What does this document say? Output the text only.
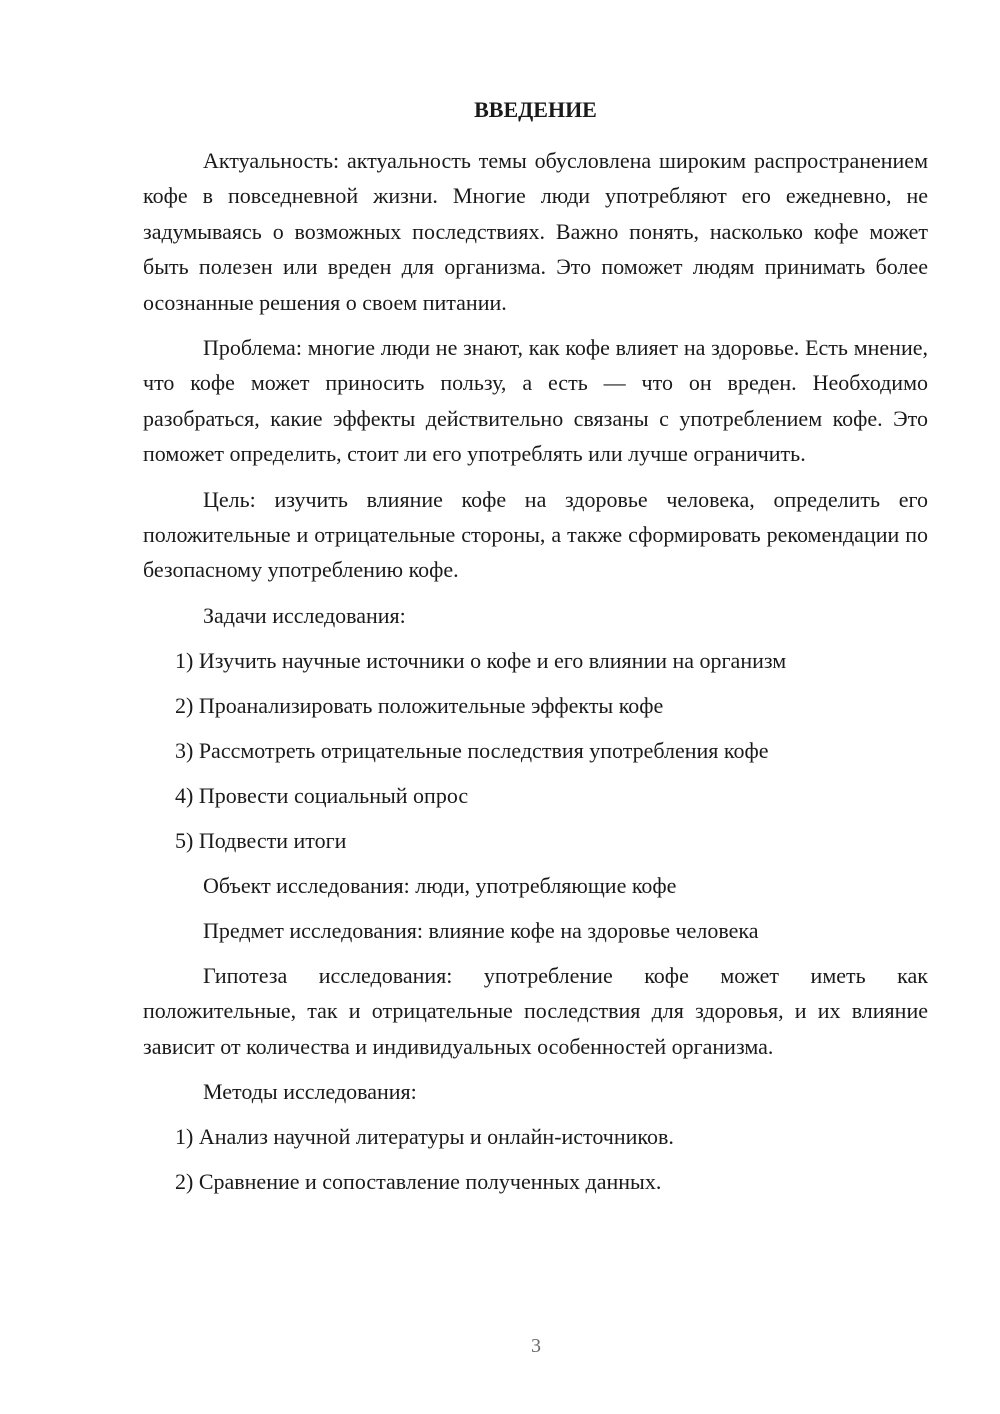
ВВЕДЕНИЕ

Актуальность: актуальность темы обусловлена широким распространением кофе в повседневной жизни. Многие люди употребляют его ежедневно, не задумываясь о возможных последствиях. Важно понять, насколько кофе может быть полезен или вреден для организма. Это поможет людям принимать более осознанные решения о своем питании.

Проблема: многие люди не знают, как кофе влияет на здоровье. Есть мнение, что кофе может приносить пользу, а есть — что он вреден. Необходимо разобраться, какие эффекты действительно связаны с употреблением кофе. Это поможет определить, стоит ли его употреблять или лучше ограничить.

Цель: изучить влияние кофе на здоровье человека, определить его положительные и отрицательные стороны, а также сформировать рекомендации по безопасному употреблению кофе.

Задачи исследования:
1) Изучить научные источники о кофе и его влиянии на организм
2) Проанализировать положительные эффекты кофе
3) Рассмотреть отрицательные последствия употребления кофе
4) Провести социальный опрос
5) Подвести итоги
Объект исследования: люди, употребляющие кофе
Предмет исследования: влияние кофе на здоровье человека

Гипотеза исследования: употребление кофе может иметь как положительные, так и отрицательные последствия для здоровья, и их влияние зависит от количества и индивидуальных особенностей организма.

Методы исследования:
1) Анализ научной литературы и онлайн-источников.
2) Сравнение и сопоставление полученных данных.
3
